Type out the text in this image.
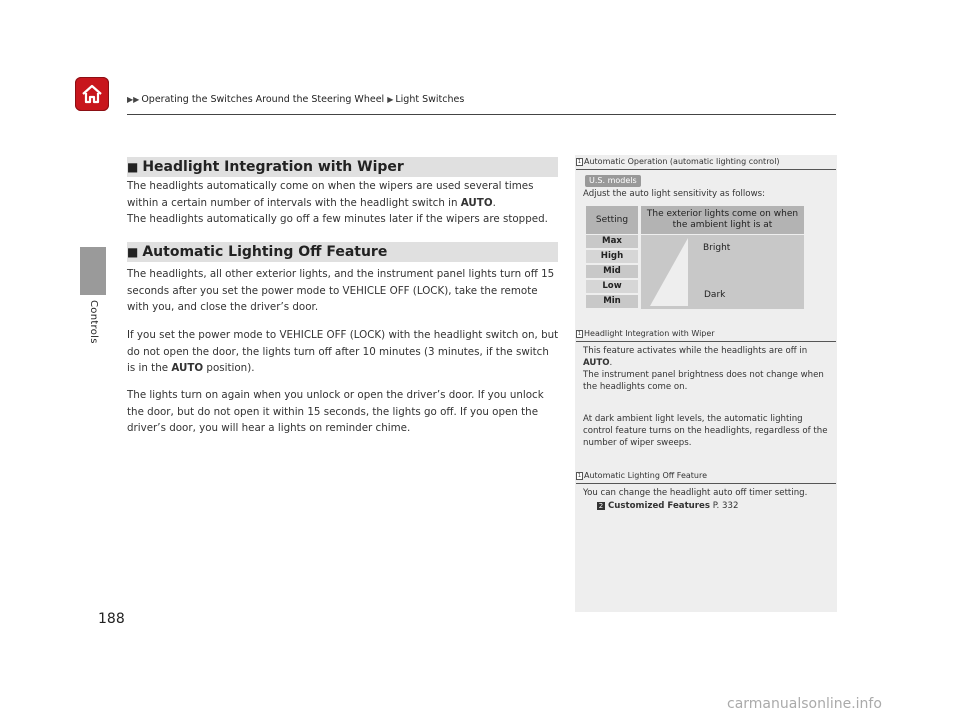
▶▶ Operating the Switches Around the Steering Wheel ▶ Light Switches
Controls
188
■ Headlight Integration with Wiper
The headlights automatically come on when the wipers are used several times within a certain number of intervals with the headlight switch in AUTO.
The headlights automatically go off a few minutes later if the wipers are stopped.
■ Automatic Lighting Off Feature
The headlights, all other exterior lights, and the instrument panel lights turn off 15 seconds after you set the power mode to VEHICLE OFF (LOCK), take the remote with you, and close the driver’s door.
If you set the power mode to VEHICLE OFF (LOCK) with the headlight switch on, but do not open the door, the lights turn off after 10 minutes (3 minutes, if the switch is in the AUTO position).
The lights turn on again when you unlock or open the driver’s door. If you unlock the door, but do not open it within 15 seconds, the lights go off. If you open the driver’s door, you will hear a lights on reminder chime.
1 Automatic Operation (automatic lighting control)
Adjust the auto light sensitivity as follows:
U.S. models
Setting
The exterior lights come on when the ambient light is at
Max
High
Mid
Low
Min
Bright
Dark
1 Headlight Integration with Wiper
This feature activates while the headlights are off in AUTO.
The instrument panel brightness does not change when the headlights come on.
At dark ambient light levels, the automatic lighting control feature turns on the headlights, regardless of the number of wiper sweeps.
1 Automatic Lighting Off Feature
You can change the headlight auto off timer setting.
2 Customized Features P. 332
carmanualsonline.info
